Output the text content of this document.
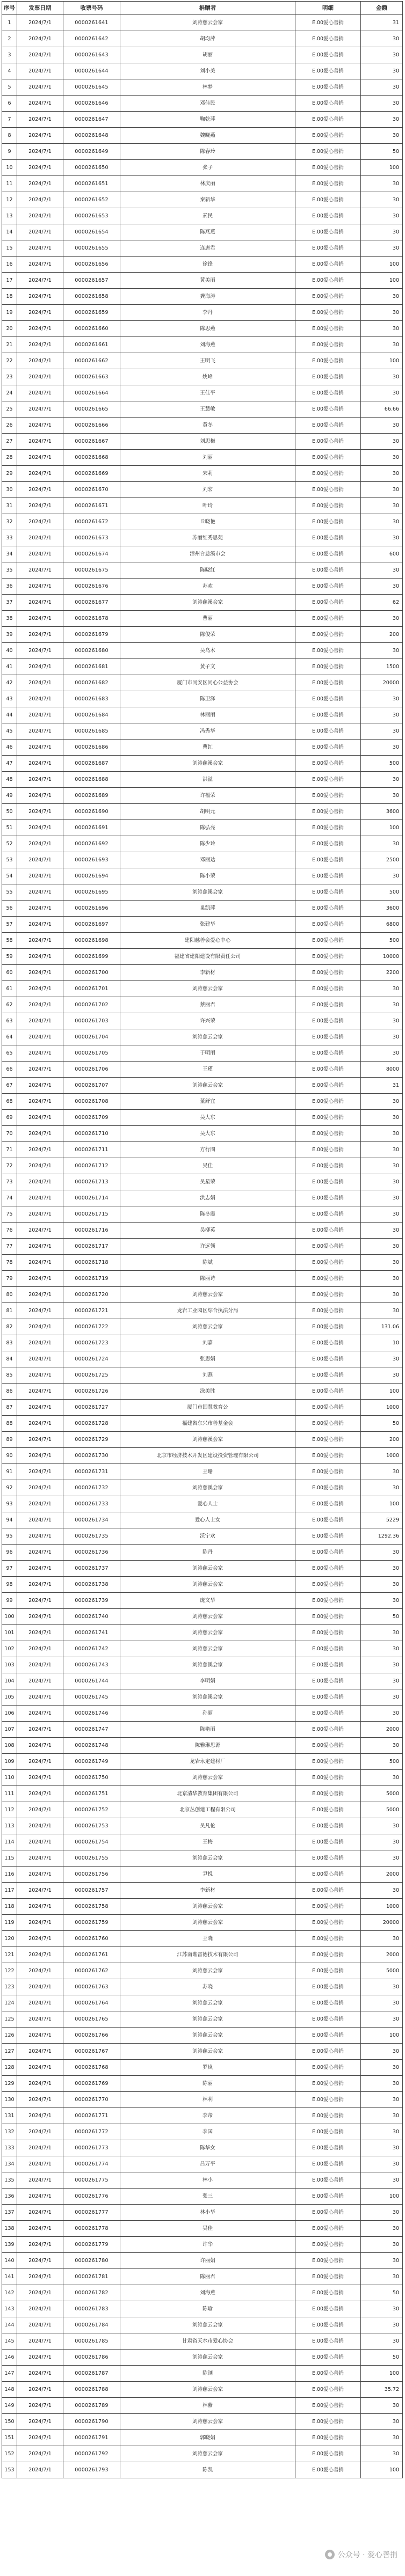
序号	发票日期	收票号码	捐赠者	明细	金额
1	2024/7/1	0000261641	刘涛慈云会家	E.00爱心善捐	31
2	2024/7/1	0000261642	胡均萍	E.00爱心善捐	30
3	2024/7/1	0000261643	胡丽	E.00爱心善捐	30
4	2024/7/1	0000261644	刘小美	E.00爱心善捐	30
5	2024/7/1	0000261645	林梦	E.00爱心善捐	30
6	2024/7/1	0000261646	邓佳民	E.00爱心善捐	30
7	2024/7/1	0000261647	鞠乾萍	E.00爱心善捐	30
8	2024/7/1	0000261648	魏晓燕	E.00爱心善捐	30
9	2024/7/1	0000261649	陈春玲	E.00爱心善捐	50
10	2024/7/1	0000261650	张子	E.00爱心善捐	100
11	2024/7/1	0000261651	林庆丽	E.00爱心善捐	30
12	2024/7/1	0000261652	秦新华	E.00爱心善捐	30
13	2024/7/1	0000261653	素民	E.00爱心善捐	30
14	2024/7/1	0000261654	陈燕燕	E.00爱心善捐	30
15	2024/7/1	0000261655	连唐君	E.00爱心善捐	30
16	2024/7/1	0000261656	徐锋	E.00爱心善捐	100
17	2024/7/1	0000261657	黄美丽	E.00爱心善捐	100
18	2024/7/1	0000261658	龚海涛	E.00爱心善捐	30
19	2024/7/1	0000261659	李丹	E.00爱心善捐	30
20	2024/7/1	0000261660	陈思燕	E.00爱心善捐	30
21	2024/7/1	0000261661	刘海燕	E.00爱心善捐	30
22	2024/7/1	0000261662	王明飞	E.00爱心善捐	100
23	2024/7/1	0000261663	姚峰	E.00爱心善捐	30
24	2024/7/1	0000261664	王佳平	E.00爱心善捐	30
25	2024/7/1	0000261665	王慧敏	E.00爱心善捐	66.66
26	2024/7/1	0000261666	黄冬	E.00爱心善捐	30
27	2024/7/1	0000261667	刘思梅	E.00爱心善捐	30
28	2024/7/1	0000261668	刘丽	E.00爱心善捐	30
29	2024/7/1	0000261669	宋莉	E.00爱心善捐	30
30	2024/7/1	0000261670	刘宏	E.00爱心善捐	30
31	2024/7/1	0000261671	叶玲	E.00爱心善捐	30
32	2024/7/1	0000261672	丘晓艳	E.00爱心善捐	30
33	2024/7/1	0000261673	苏丽红秀思苑	E.00爱心善捐	30
34	2024/7/1	0000261674	漳州台慈溪市会	E.00爱心善捐	600
35	2024/7/1	0000261675	陈晓红	E.00爱心善捐	30
36	2024/7/1	0000261676	苏欢	E.00爱心善捐	30
37	2024/7/1	0000261677	刘涛慈溪会家	E.00爱心善捐	62
38	2024/7/1	0000261678	曹丽	E.00爱心善捐	30
39	2024/7/1	0000261679	陈俊荣	E.00爱心善捐	200
40	2024/7/1	0000261680	吴乌木	E.00爱心善捐	30
41	2024/7/1	0000261681	黄子文	E.00爱心善捐	1500
42	2024/7/1	0000261682	厦门市同安区同心公益协会	E.00爱心善捐	20000
43	2024/7/1	0000261683	陈卫泽	E.00爱心善捐	30
44	2024/7/1	0000261684	林丽丽	E.00爱心善捐	30
45	2024/7/1	0000261685	冯秀华	E.00爱心善捐	30
46	2024/7/1	0000261686	曹红	E.00爱心善捐	30
47	2024/7/1	0000261687	刘涛慈溪会家	E.00爱心善捐	500
48	2024/7/1	0000261688	洪溢	E.00爱心善捐	30
49	2024/7/1	0000261689	许福荣	E.00爱心善捐	30
50	2024/7/1	0000261690	胡明元	E.00爱心善捐	3600
51	2024/7/1	0000261691	陈弘亮	E.00爱心善捐	100
52	2024/7/1	0000261692	陈少玲	E.00爱心善捐	30
53	2024/7/1	0000261693	邓丽达	E.00爱心善捐	2500
54	2024/7/1	0000261694	陈小荣	E.00爱心善捐	30
55	2024/7/1	0000261695	刘涛慈溪会家	E.00爱心善捐	500
56	2024/7/1	0000261696	巢凯萍	E.00爱心善捐	3600
57	2024/7/1	0000261697	张建华	E.00爱心善捐	6800
58	2024/7/1	0000261698	建阳慈善会爱心中心	E.00爱心善捐	500
59	2024/7/1	0000261699	福建省建阳建设有限责任公司	E.00爱心善捐	10000
60	2024/7/1	0000261700	李新材	E.00爱心善捐	2200
61	2024/7/1	0000261701	刘涛慈云会家	E.00爱心善捐	30
62	2024/7/1	0000261702	蔡丽君	E.00爱心善捐	30
63	2024/7/1	0000261703	许兴荣	E.00爱心善捐	30
64	2024/7/1	0000261704	刘涛慈云会家	E.00爱心善捐	30
65	2024/7/1	0000261705	于明丽	E.00爱心善捐	30
66	2024/7/1	0000261706	王瑾	E.00爱心善捐	8000
67	2024/7/1	0000261707	刘涛慈云会家	E.00爱心善捐	31
68	2024/7/1	0000261708	董舒宜	E.00爱心善捐	30
69	2024/7/1	0000261709	吴大东	E.00爱心善捐	30
70	2024/7/1	0000261710	吴大东	E.00爱心善捐	30
71	2024/7/1	0000261711	方行图	E.00爱心善捐	30
72	2024/7/1	0000261712	吴佳	E.00爱心善捐	30
73	2024/7/1	0000261713	吴星荣	E.00爱心善捐	30
74	2024/7/1	0000261714	洪志娟	E.00爱心善捐	30
75	2024/7/1	0000261715	陈冬霞	E.00爱心善捐	30
76	2024/7/1	0000261716	吴柳英	E.00爱心善捐	30
77	2024/7/1	0000261717	许远领	E.00爱心善捐	30
78	2024/7/1	0000261718	陈斌	E.00爱心善捐	30
79	2024/7/1	0000261719	陈丽诗	E.00爱心善捐	30
80	2024/7/1	0000261720	刘涛慈云会家	E.00爱心善捐	30
81	2024/7/1	0000261721	龙岩工业园区综合执法分局	E.00爱心善捐	30
82	2024/7/1	0000261722	刘涛慈云会家	E.00爱心善捐	131.06
83	2024/7/1	0000261723	刘嘉	E.00爱心善捐	10
84	2024/7/1	0000261724	张思娟	E.00爱心善捐	30
85	2024/7/1	0000261725	刘燕	E.00爱心善捐	30
86	2024/7/1	0000261726	涂美胜	E.00爱心善捐	100
87	2024/7/1	0000261727	厦门市国慧教育公	E.00爱心善捐	1000
88	2024/7/1	0000261728	福建省东兴市善基金会	E.00爱心善捐	50
89	2024/7/1	0000261729	刘涛慈溪会家	E.00爱心善捐	200
90	2024/7/1	0000261730	北京市经济技术开发区建设投资管理有限公司	E.00爱心善捐	1000
91	2024/7/1	0000261731	王珊	E.00爱心善捐	30
92	2024/7/1	0000261732	刘涛慈溪会家	E.00爱心善捐	30
93	2024/7/1	0000261733	爱心人士	E.00爱心善捐	100
94	2024/7/1	0000261734	爱心人士女	E.00爱心善捐	5229
95	2024/7/1	0000261735	沃宁欢	E.00爱心善捐	1292.36
96	2024/7/1	0000261736	陈丹	E.00爱心善捐	30
97	2024/7/1	0000261737	刘涛慈云会家	E.00爱心善捐	30
98	2024/7/1	0000261738	刘涛慈云会家	E.00爱心善捐	30
99	2024/7/1	0000261739	庞文华	E.00爱心善捐	30
100	2024/7/1	0000261740	刘涛慈云会家	E.00爱心善捐	50
101	2024/7/1	0000261741	刘涛慈云会家	E.00爱心善捐	30
102	2024/7/1	0000261742	刘涛慈云会家	E.00爱心善捐	30
103	2024/7/1	0000261743	刘涛慈溪会家	E.00爱心善捐	30
104	2024/7/1	0000261744	李明娟	E.00爱心善捐	30
105	2024/7/1	0000261745	刘涛慈溪会家	E.00爱心善捐	30
106	2024/7/1	0000261746	孙丽	E.00爱心善捐	30
107	2024/7/1	0000261747	陈艳丽	E.00爱心善捐	2000
108	2024/7/1	0000261748	陈雅琳思源	E.00爱心善捐	30
109	2024/7/1	0000261749	龙岩永定建材厂	E.00爱心善捐	500
110	2024/7/1	0000261750	刘涛慈云会家	E.00爱心善捐	30
111	2024/7/1	0000261751	北京清华教育集团有限公司	E.00爱心善捐	5000
112	2024/7/1	0000261752	北京丛创建工程有限公司	E.00爱心善捐	5000
113	2024/7/1	0000261753	吴凡伦	E.00爱心善捐	30
114	2024/7/1	0000261754	王梅	E.00爱心善捐	30
115	2024/7/1	0000261755	刘涛慈云会家	E.00爱心善捐	30
116	2024/7/1	0000261756	尹悦	E.00爱心善捐	2000
117	2024/7/1	0000261757	李新材	E.00爱心善捐	30
118	2024/7/1	0000261758	刘涛慈云会家	E.00爱心善捐	1000
119	2024/7/1	0000261759	刘涛慈云会家	E.00爱心善捐	20000
120	2024/7/1	0000261760	王晓	E.00爱心善捐	30
121	2024/7/1	0000261761	江苏南谯雷德技术有限公司	E.00爱心善捐	2000
122	2024/7/1	0000261762	刘涛慈云会家	E.00爱心善捐	5000
123	2024/7/1	0000261763	苏晓	E.00爱心善捐	30
124	2024/7/1	0000261764	刘涛慈云会家	E.00爱心善捐	30
125	2024/7/1	0000261765	刘涛慈云会家	E.00爱心善捐	30
126	2024/7/1	0000261766	刘涛慈云会家	E.00爱心善捐	100
127	2024/7/1	0000261767	刘涛慈云会家	E.00爱心善捐	30
128	2024/7/1	0000261768	罗岚	E.00爱心善捐	30
129	2024/7/1	0000261769	陈丽	E.00爱心善捐	30
130	2024/7/1	0000261770	林利	E.00爱心善捐	30
131	2024/7/1	0000261771	李帝	E.00爱心善捐	30
132	2024/7/1	0000261772	李国	E.00爱心善捐	30
133	2024/7/1	0000261773	陈华女	E.00爱心善捐	30
134	2024/7/1	0000261774	吕万平	E.00爱心善捐	30
135	2024/7/1	0000261775	林小	E.00爱心善捐	30
136	2024/7/1	0000261776	张三	E.00爱心善捐	100
137	2024/7/1	0000261777	林小华	E.00爱心善捐	30
138	2024/7/1	0000261778	吴佳	E.00爱心善捐	30
139	2024/7/1	0000261779	许华	E.00爱心善捐	30
140	2024/7/1	0000261780	许丽娟	E.00爱心善捐	30
141	2024/7/1	0000261781	陈丽君	E.00爱心善捐	30
142	2024/7/1	0000261782	刘海燕	E.00爱心善捐	50
143	2024/7/1	0000261783	陈瑜	E.00爱心善捐	30
144	2024/7/1	0000261784	刘涛慈云会家	E.00爱心善捐	30
145	2024/7/1	0000261785	甘肃省天水市爱心协会	E.00爱心善捐	30
146	2024/7/1	0000261786	刘涛慈云会家	E.00爱心善捐	50
147	2024/7/1	0000261787	陈浏	E.00爱心善捐	100
148	2024/7/1	0000261788	刘涛慈云会家	E.00爱心善捐	35.72
149	2024/7/1	0000261789	林紫	E.00爱心善捐	30
150	2024/7/1	0000261790	刘涛慈云会家	E.00爱心善捐	30
151	2024/7/1	0000261791	郭晓娟	E.00爱心善捐	30
152	2024/7/1	0000261792	刘涛慈云会家	E.00爱心善捐	30
153	2024/7/1	0000261793	陈凯	E.00爱心善捐	100
公众号 · 爱心善捐
